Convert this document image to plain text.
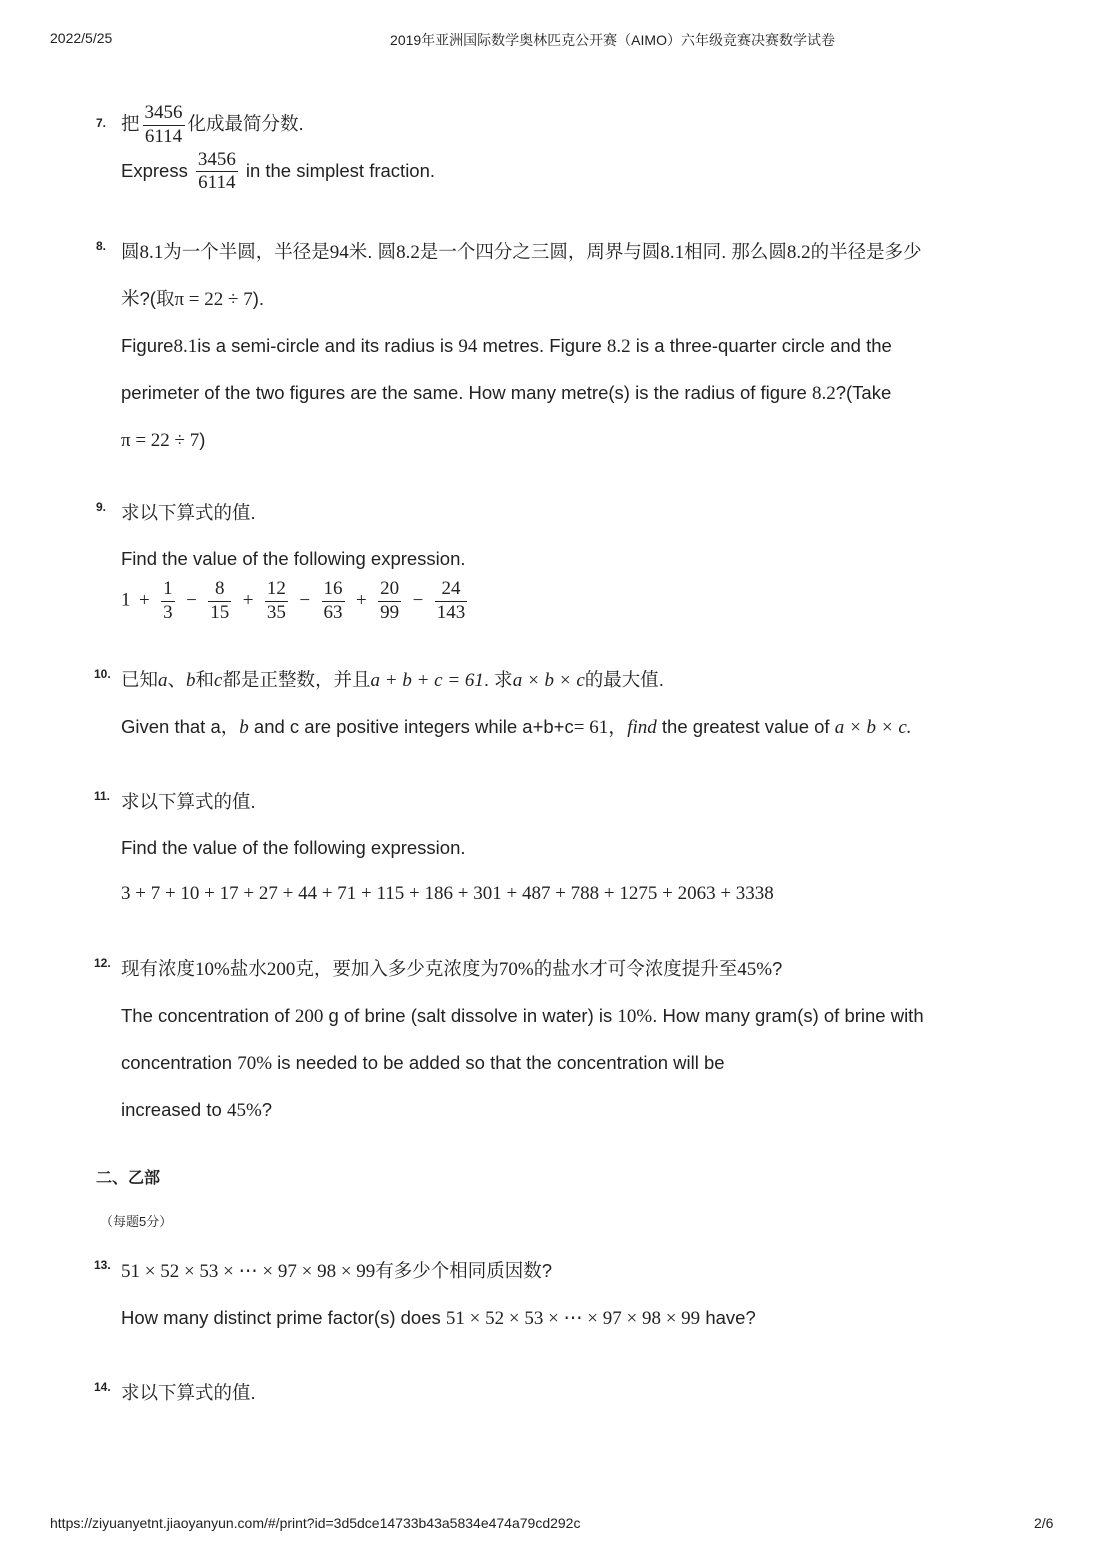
2022/5/25	2019年亚洲国际数学奥林匹克公开赛（AIMO）六年级竞赛决赛数学试卷
7. 把 $\frac{3456}{6114}$ 化成最简分数.
Express $\frac{3456}{6114}$ in the simplest fraction.
8. 圆8.1为一个半圆，半径是94米. 圆8.2是一个四分之三圆，周界与圆8.1相同. 那么圆8.2的半径是多少
米?(取π = 22 ÷ 7).
Figure8.1is a semi-circle and its radius is 94 metres. Figure 8.2 is a three-quarter circle and the
perimeter of the two figures are the same. How many metre(s) is the radius of figure 8.2?(Take
π = 22 ÷ 7)
9. 求以下算式的值.
Find the value of the following expression.
$1 + \frac{1}{3} - \frac{8}{15} + \frac{12}{35} - \frac{16}{63} + \frac{20}{99} - \frac{24}{143}$
10. 已知a、b和c都是正整数，并且a + b + c = 61. 求a × b × c的最大值.
Given that a，b and c are positive integers while a+b+c= 61，find the greatest value of a × b × c.
11. 求以下算式的值.
Find the value of the following expression.
3 + 7 + 10 + 17 + 27 + 44 + 71 + 115 + 186 + 301 + 487 + 788 + 1275 + 2063 + 3338
12. 现有浓度10%盐水200克，要加入多少克浓度为70%的盐水才可令浓度提升至45%?
The concentration of 200 g of brine (salt dissolve in water) is 10%. How many gram(s) of brine with
concentration 70% is needed to be added so that the concentration will be
increased to 45%?
二、乙部
（每题5分）
13. 51 × 52 × 53 × ⋯ × 97 × 98 × 99有多少个相同质因数?
How many distinct prime factor(s) does 51 × 52 × 53 × ⋯ × 97 × 98 × 99 have?
14. 求以下算式的值.
https://ziyuanyetnt.jiaoyanyun.com/#/print?id=3d5dce14733b43a5834e474a79cd292c	2/6
